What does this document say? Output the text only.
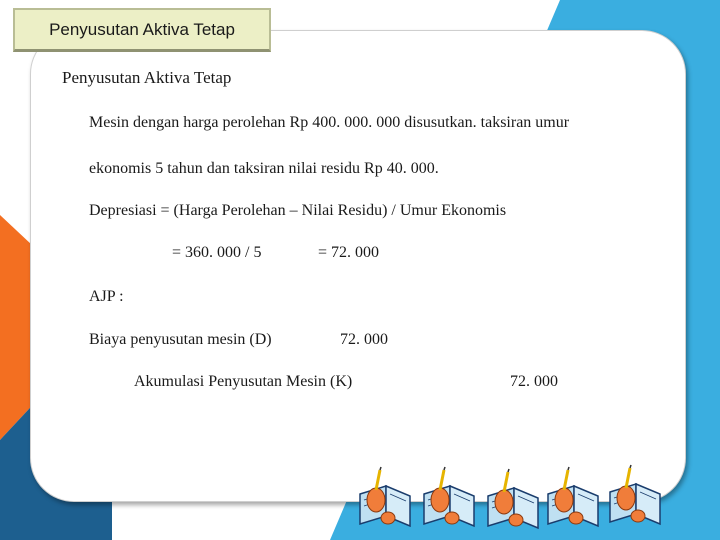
Penyusutan Aktiva Tetap
Penyusutan Aktiva Tetap
Mesin dengan harga perolehan Rp 400. 000. 000 disusutkan. taksiran umur
ekonomis 5 tahun dan taksiran nilai residu Rp 40. 000.
Depresiasi = (Harga Perolehan – Nilai Residu) / Umur Ekonomis
= 360. 000 / 5	= 72. 000
AJP :
Biaya penyusutan mesin (D)	72. 000
Akumulasi Penyusutan Mesin (K)	72. 000
